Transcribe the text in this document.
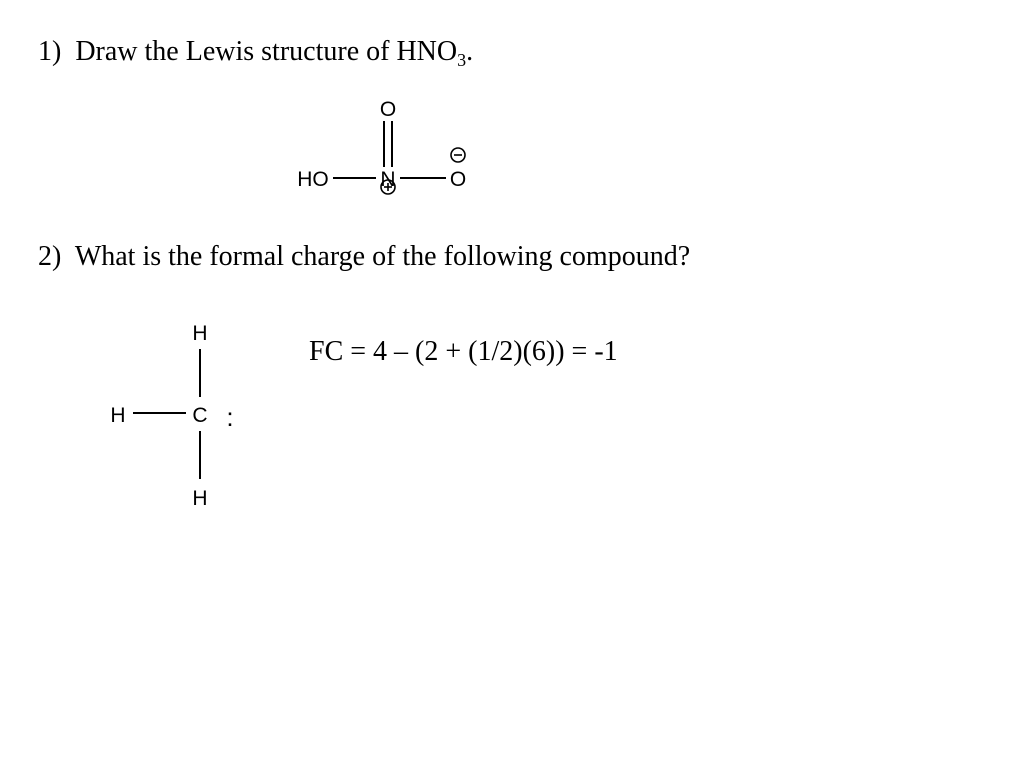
1) Draw the Lewis structure of $HNO_3$.
O
HO N	O
H
H	C
H
:
2) What is the formal charge of the following compound?
FC = 4 – (2 + (1/2)(6)) = -1
